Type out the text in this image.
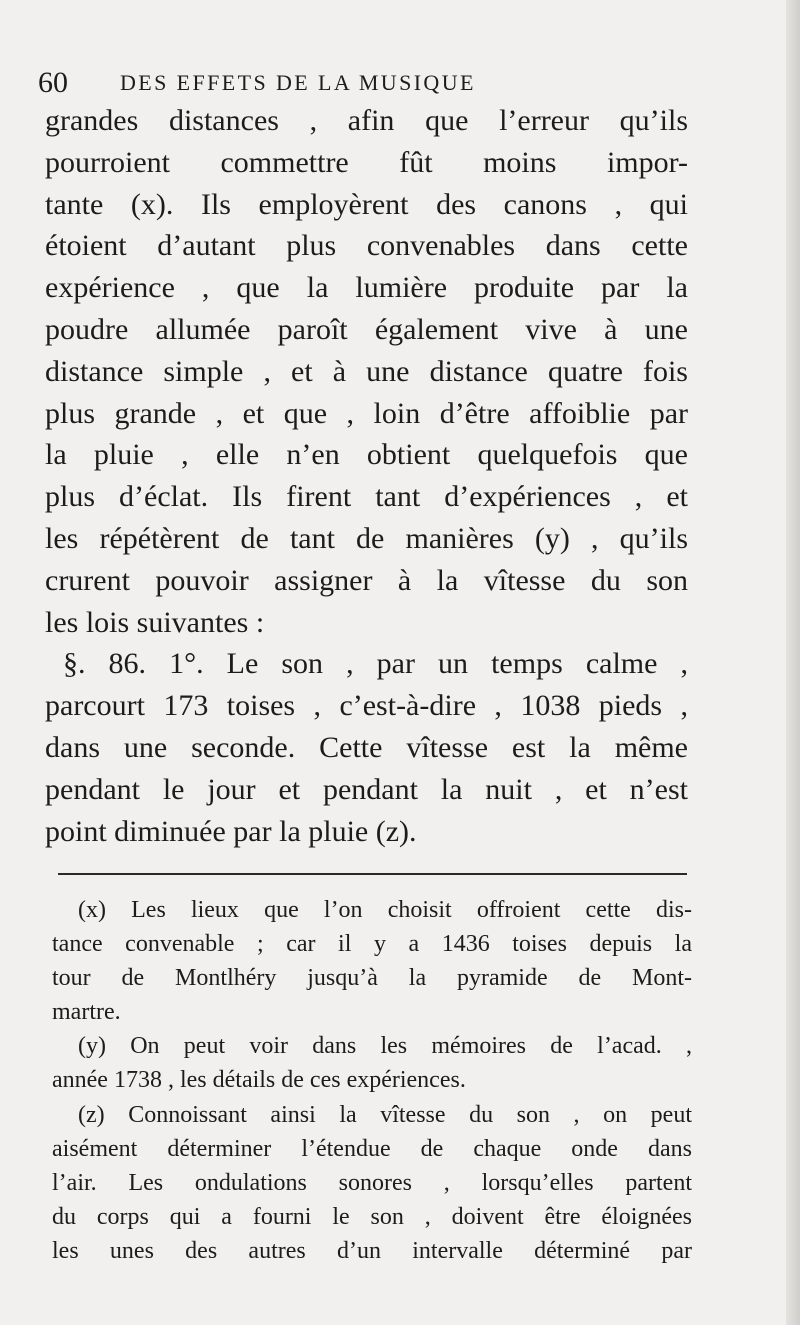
60 DES EFFETS DE LA MUSIQUE
grandes distances , afin que l’erreur qu’ils
pourroient commettre fût moins impor-
tante (x). Ils employèrent des canons , qui
étoient d’autant plus convenables dans cette
expérience , que la lumière produite par la
poudre allumée paroît également vive à une
distance simple , et à une distance quatre fois
plus grande , et que , loin d’être affoiblie par
la pluie , elle n’en obtient quelquefois que
plus d’éclat. Ils firent tant d’expériences , et
les répétèrent de tant de manières (y) , qu’ils
crurent pouvoir assigner à la vîtesse du son
les lois suivantes :
§. 86. 1°. Le son , par un temps calme ,
parcourt 173 toises , c’est-à-dire , 1038 pieds ,
dans une seconde. Cette vîtesse est la même
pendant le jour et pendant la nuit , et n’est
point diminuée par la pluie (z).
(x) Les lieux que l’on choisit offroient cette dis-
tance convenable ; car il y a 1436 toises depuis la
tour de Montlhéry jusqu’à la pyramide de Mont-
martre.
(y) On peut voir dans les mémoires de l’acad. ,
année 1738 , les détails de ces expériences.
(z) Connoissant ainsi la vîtesse du son , on peut
aisément déterminer l’étendue de chaque onde dans
l’air. Les ondulations sonores , lorsqu’elles partent
du corps qui a fourni le son , doivent être éloignées
les unes des autres d’un intervalle déterminé par
